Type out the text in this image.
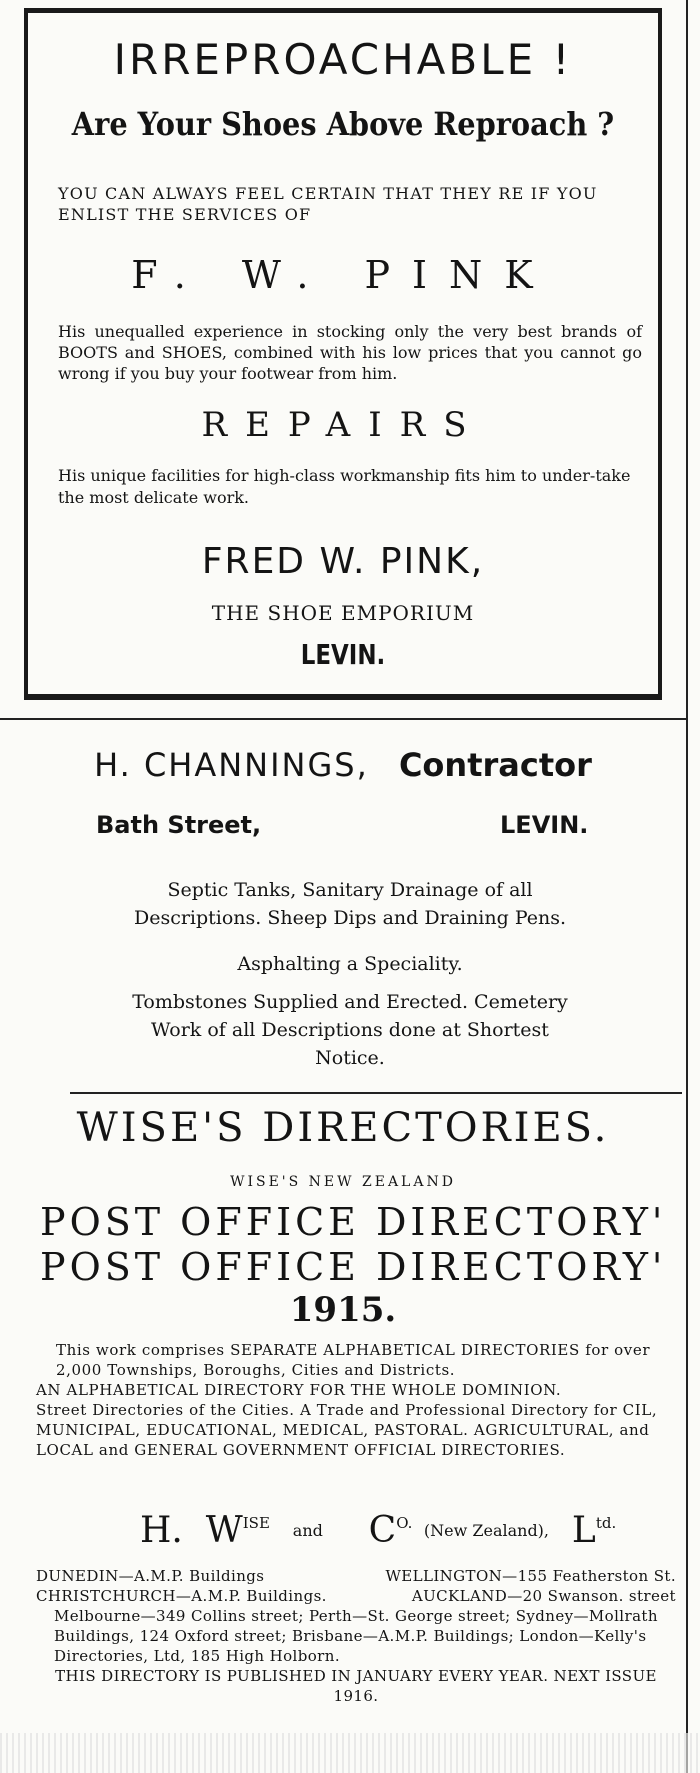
IRREPROACHABLE !
Are Your Shoes Above Reproach ?
YOU CAN ALWAYS FEEL CERTAIN THAT THEY RE IF YOU
ENLIST THE SERVICES OF
F. W. PINK
His unequalled experience in stocking only the very best brands of BOOTS and SHOES, combined with his low prices that you cannot go wrong if you buy your footwear from him.
REPAIRS
His unique facilities for high-class workmanship fits him to under-take the most delicate work.
FRED W. PINK,
THE SHOE EMPORIUM
LEVIN.
H. CHANNINGS, Contractor
Bath Street,	LEVIN.
Septic Tanks, Sanitary Drainage of all Descriptions. Sheep Dips and Draining Pens.
Asphalting a Speciality.
Tombstones Supplied and Erected. Cemetery Work of all Descriptions done at Shortest Notice.
WISE'S DIRECTORIES.
WISE'S NEW ZEALAND
POST OFFICE DIRECTORY'
POST OFFICE DIRECTORY'
1915.
This work comprises SEPARATE ALPHABETICAL DIRECTORIES for over 2,000 Townships, Boroughs, Cities and Districts.
AN ALPHABETICAL DIRECTORY FOR THE WHOLE DOMINION.
Street Directories of the Cities. A Trade and Professional Directory for CIL, MUNICIPAL, EDUCATIONAL, MEDICAL, PASTORAL. AGRICULTURAL, and LOCAL and GENERAL GOVERNMENT OFFICIAL DIRECTORIES.
H. $W^{ISE}$ and $C^{O.}$ (New Zealand), $L^{td.}$
DUNEDIN—A.M.P. Buildings	WELLINGTON—155 Featherston St.
CHRISTCHURCH—A.M.P. Buildings.	AUCKLAND—20 Swanson. street
Melbourne—349 Collins street; Perth—St. George street; Sydney—Mollrath Buildings, 124 Oxford street; Brisbane—A.M.P. Buildings; London—Kelly's Directories, Ltd, 185 High Holborn.
THIS DIRECTORY IS PUBLISHED IN JANUARY EVERY YEAR. NEXT ISSUE 1916.
